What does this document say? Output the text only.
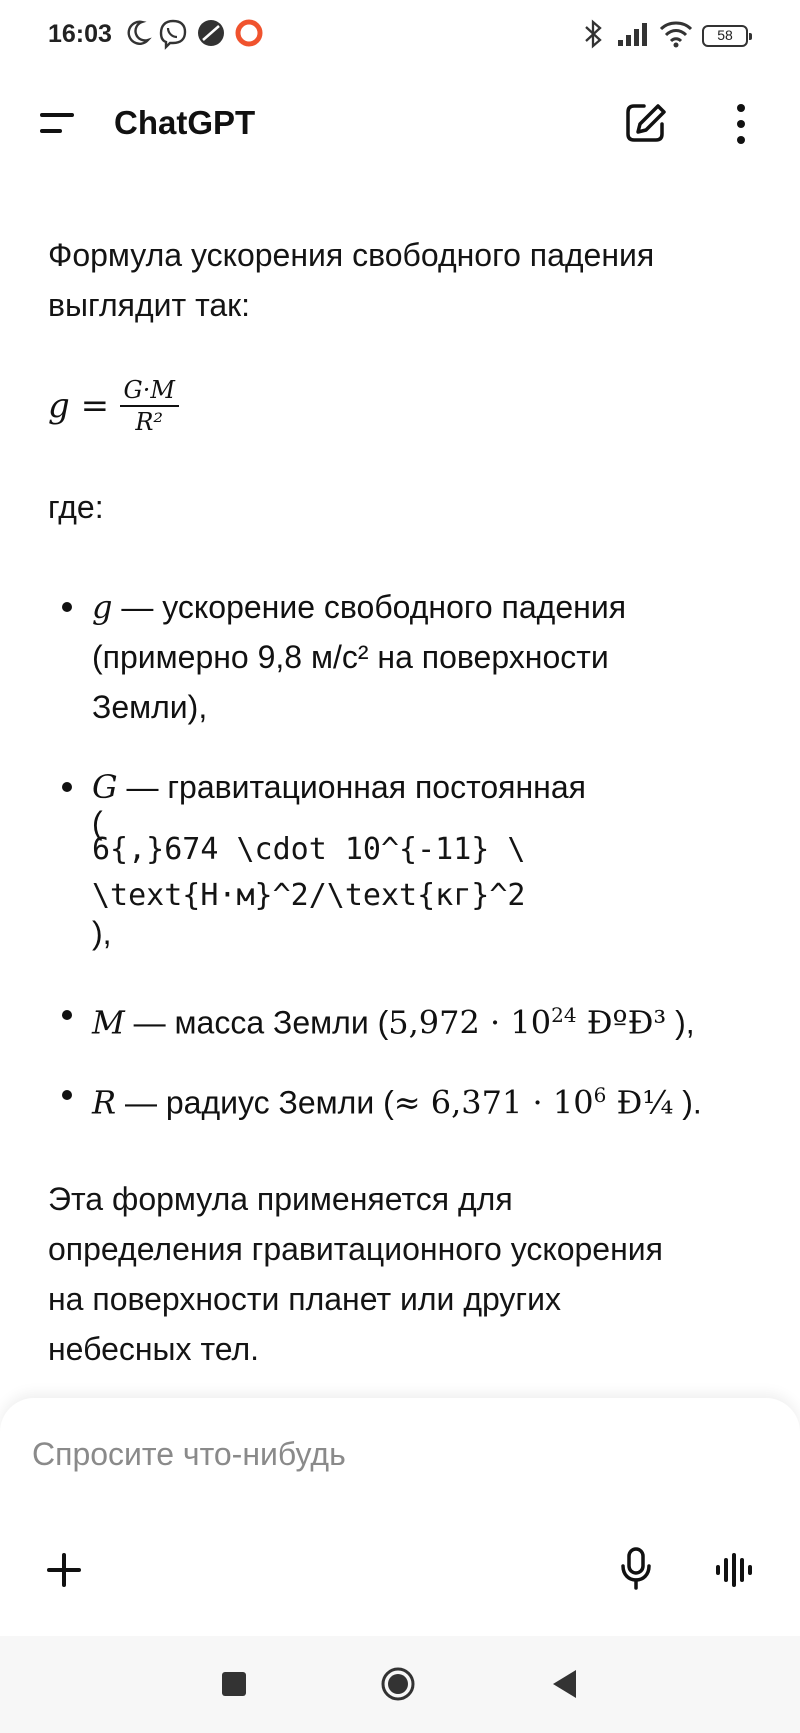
16:03	58
ChatGPT
Формула ускорения свободного падения выглядит так:
$g = \frac{G\cdot M}{\text{R²}}$
где:
g — ускорение свободного падения
(примерно 9,8 м/с² на поверхности
Земли),
G — гравитационная постоянная
(
6{,}674 \cdot 10^{-11} \
\text{Н·м}^2/\text{кг}^2
),
M — масса Земли ($5,972 \cdot 10^{24}$ ÐºÐ³ ),
R — радиус Земли (≈ $6,371 \cdot 10^6$ Ð¼ ).
Эта формула применяется для
определения гравитационного ускорения
на поверхности планет или других
небесных тел.
Спросите что-нибудь
